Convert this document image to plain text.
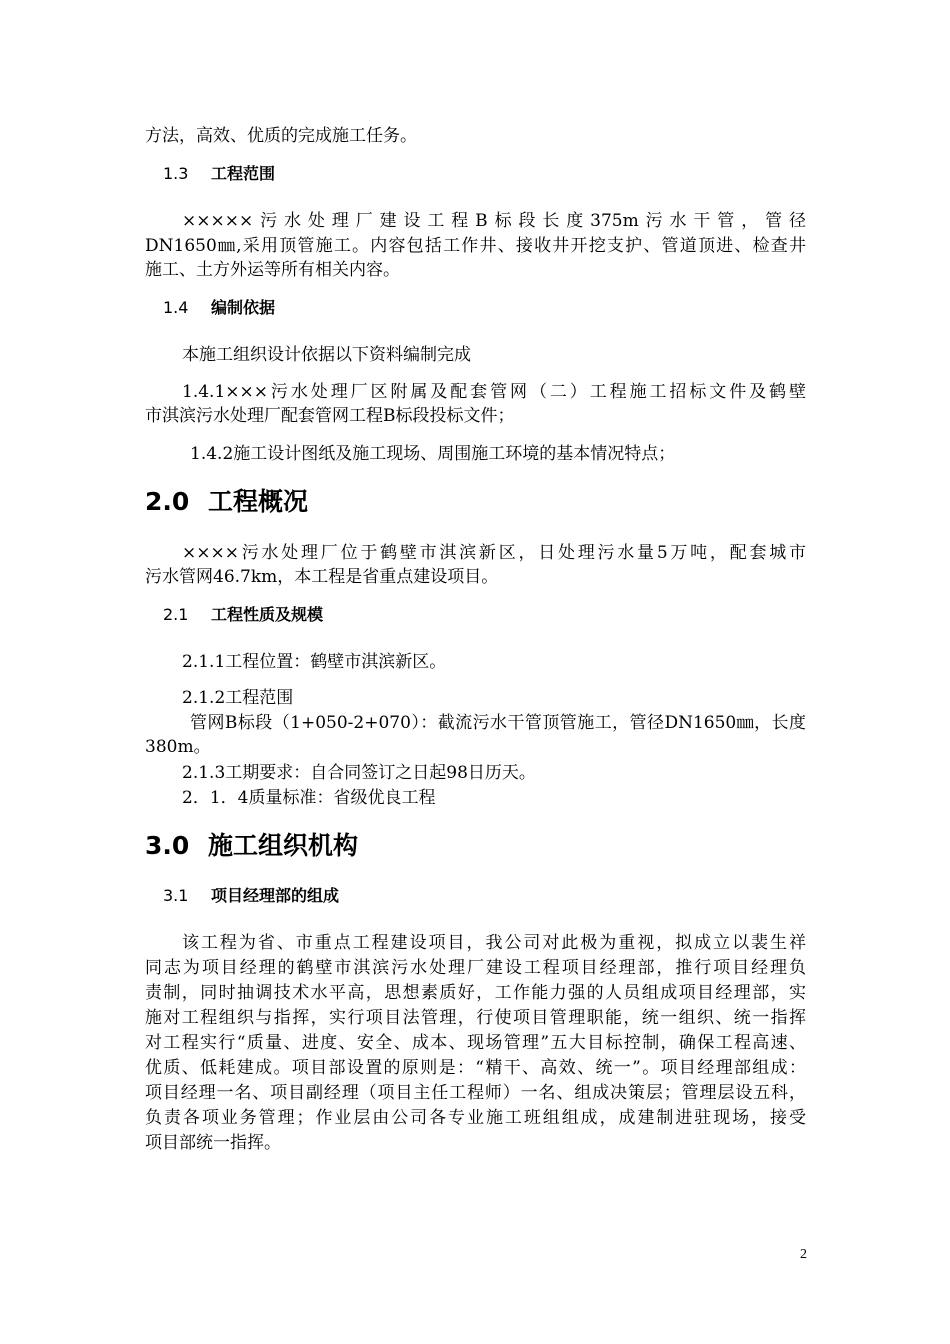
方法，高效、优质的完成施工任务。
1.3 工程范围
×××××污水处理厂建设工程B标段长度375m污水干管，管径
DN1650㎜,采用顶管施工。内容包括工作井、接收井开挖支护、管道顶进、检查井
施工、土方外运等所有相关内容。
1.4 编制依据
本施工组织设计依据以下资料编制完成
1.4.1×××污水处理厂区附属及配套管网（二）工程施工招标文件及鹤壁
市淇滨污水处理厂配套管网工程B标段投标文件；
1.4.2施工设计图纸及施工现场、周围施工环境的基本情况特点；
2.0 工程概况
××××污水处理厂位于鹤壁市淇滨新区，日处理污水量5万吨，配套城市
污水管网46.7km，本工程是省重点建设项目。
2.1 工程性质及规模
2.1.1工程位置：鹤壁市淇滨新区。
2.1.2工程范围
管网B标段（1+050-2+070）：截流污水干管顶管施工，管径DN1650㎜，长度
380m。
2.1.3工期要求：自合同签订之日起98日历天。
2．1．4质量标准：省级优良工程
3.0 施工组织机构
3.1 项目经理部的组成
该工程为省、市重点工程建设项目，我公司对此极为重视，拟成立以裴生祥
同志为项目经理的鹤壁市淇滨污水处理厂建设工程项目经理部，推行项目经理负
责制，同时抽调技术水平高，思想素质好，工作能力强的人员组成项目经理部，实
施对工程组织与指挥，实行项目法管理，行使项目管理职能，统一组织、统一指挥
对工程实行“质量、进度、安全、成本、现场管理”五大目标控制，确保工程高速、
优质、低耗建成。项目部设置的原则是：“精干、高效、统一”。项目经理部组成：
项目经理一名、项目副经理（项目主任工程师）一名、组成决策层；管理层设五科，
负责各项业务管理；作业层由公司各专业施工班组组成，成建制进驻现场，接受
项目部统一指挥。
2
